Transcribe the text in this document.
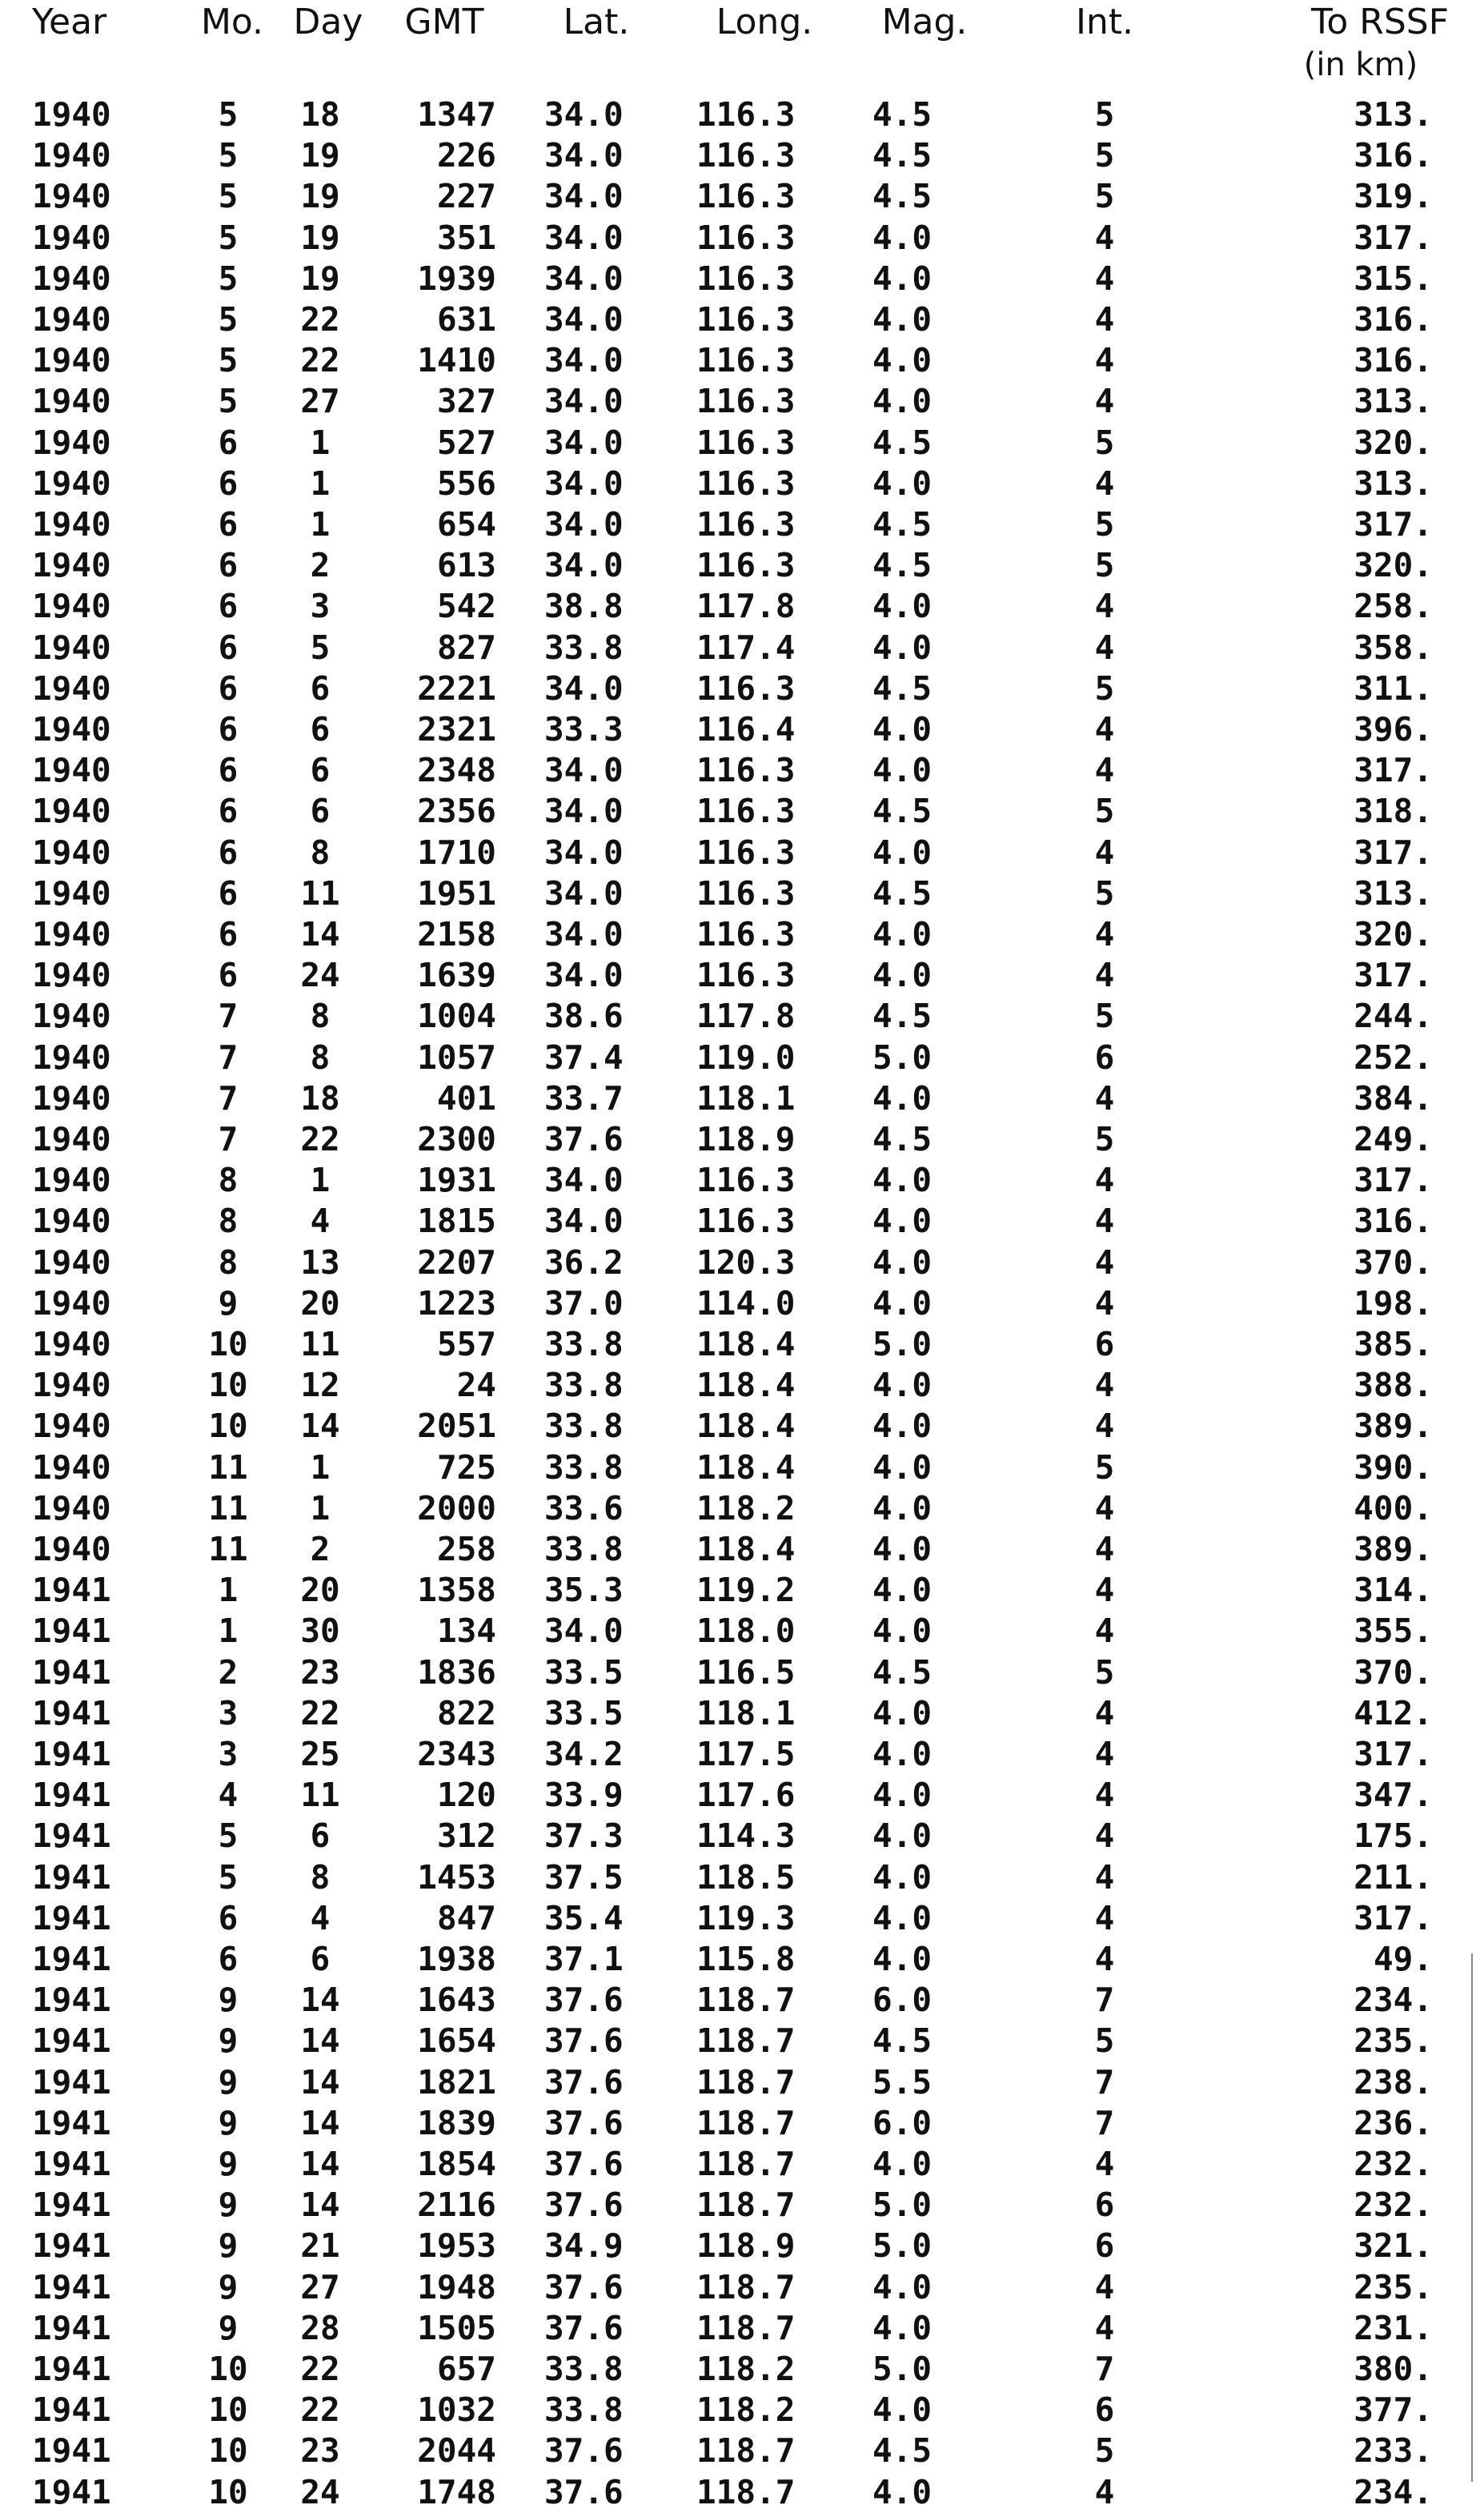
Year	Mo. Day	GMT	Lat.	Long.	Mag.	Int.	To RSSF
(in km)
1940	5	18	1347 34.0	116.3	4.5	5	313.
1940	5	19	226 34.0	116.3	4.5	5	316.
1940	5	19	227 34.0	116.3	4.5	5	319.
1940	5	19	351 34.0	116.3	4.0	4	317.
1940	5	19	1939 34.0	116.3	4.0	4	315.
1940	5	22	631 34.0	116.3	4.0	4	316.
1940	5	22	1410 34.0	116.3	4.0	4	316.
1940	5	27	327 34.0	116.3	4.0	4	313.
1940	6	1	527 34.0	116.3	4.5	5	320.
1940	6	1	556 34.0	116.3	4.0	4	313.
1940	6	1	654 34.0	116.3	4.5	5	317.
1940	6	2	613 34.0	116.3	4.5	5	320.
1940	6	3	542 38.8	117.8	4.0	4	258.
1940	6	5	827 33.8	117.4	4.0	4	358.
1940	6	6	2221 34.0	116.3	4.5	5	311.
1940	6	6	2321 33.3	116.4	4.0	4	396.
1940	6	6	2348 34.0	116.3	4.0	4	317.
1940	6	6	2356 34.0	116.3	4.5	5	318.
1940	6	8	1710 34.0	116.3	4.0	4	317.
1940	6	11	1951 34.0	116.3	4.5	5	313.
1940	6	14	2158 34.0	116.3	4.0	4	320.
1940	6	24	1639 34.0	116.3	4.0	4	317.
1940	7	8	1004 38.6	117.8	4.5	5	244.
1940	7	8	1057 37.4	119.0	5.0	6	252.
1940	7	18	401 33.7	118.1	4.0	4	384.
1940	7	22	2300 37.6	118.9	4.5	5	249.
1940	8	1	1931 34.0	116.3	4.0	4	317.
1940	8	4	1815 34.0	116.3	4.0	4	316.
1940	8	13	2207 36.2	120.3	4.0	4	370.
1940	9	20	1223 37.0	114.0	4.0	4	198.
1940	10	11	557 33.8	118.4	5.0	6	385.
1940	10	12	24 33.8	118.4	4.0	4	388.
1940	10	14	2051 33.8	118.4	4.0	4	389.
1940	11	1	725 33.8	118.4	4.0	5	390.
1940	11	1	2000 33.6	118.2	4.0	4	400.
1940	11	2	258 33.8	118.4	4.0	4	389.
1941	1	20	1358 35.3	119.2	4.0	4	314.
1941	1	30	134 34.0	118.0	4.0	4	355.
1941	2	23	1836 33.5	116.5	4.5	5	370.
1941	3	22	822 33.5	118.1	4.0	4	412.
1941	3	25	2343 34.2	117.5	4.0	4	317.
1941	4	11	120 33.9	117.6	4.0	4	347.
1941	5	6	312 37.3	114.3	4.0	4	175.
1941	5	8	1453 37.5	118.5	4.0	4	211.
1941	6	4	847 35.4	119.3	4.0	4	317.
1941	6	6	1938 37.1	115.8	4.0	4	49.
1941	9	14	1643 37.6	118.7	6.0	7	234.
1941	9	14	1654 37.6	118.7	4.5	5	235.
1941	9	14	1821 37.6	118.7	5.5	7	238.
1941	9	14	1839 37.6	118.7	6.0	7	236.
1941	9	14	1854 37.6	118.7	4.0	4	232.
1941	9	14	2116 37.6	118.7	5.0	6	232.
1941	9	21	1953 34.9	118.9	5.0	6	321.
1941	9	27	1948 37.6	118.7	4.0	4	235.
1941	9	28	1505 37.6	118.7	4.0	4	231.
1941	10	22	657 33.8	118.2	5.0	7	380.
1941	10	22	1032 33.8	118.2	4.0	6	377.
1941	10	23	2044 37.6	118.7	4.5	5	233.
1941	10	24	1748 37.6	118.7	4.0	4	234.
